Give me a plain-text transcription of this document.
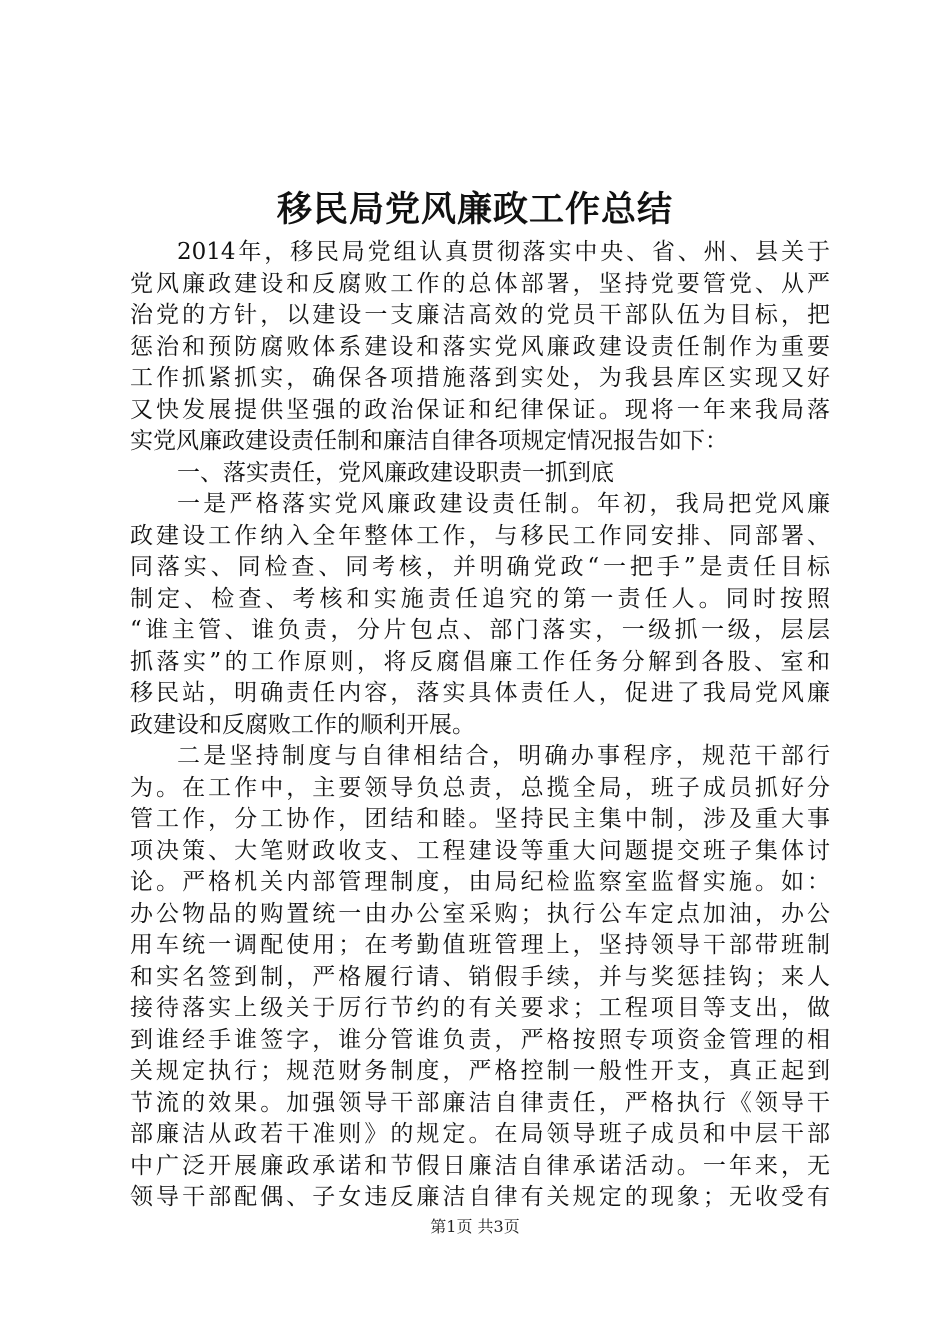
移民局党风廉政工作总结
2014年，移民局党组认真贯彻落实中央、省、州、县关于
党风廉政建设和反腐败工作的总体部署，坚持党要管党、从严
治党的方针，以建设一支廉洁高效的党员干部队伍为目标，把
惩治和预防腐败体系建设和落实党风廉政建设责任制作为重要
工作抓紧抓实，确保各项措施落到实处，为我县库区实现又好
又快发展提供坚强的政治保证和纪律保证。现将一年来我局落
实党风廉政建设责任制和廉洁自律各项规定情况报告如下：
一、落实责任，党风廉政建设职责一抓到底
一是严格落实党风廉政建设责任制。年初，我局把党风廉
政建设工作纳入全年整体工作，与移民工作同安排、同部署、
同落实、同检查、同考核，并明确党政“一把手”是责任目标
制定、检查、考核和实施责任追究的第一责任人。同时按照
“谁主管、谁负责，分片包点、部门落实，一级抓一级，层层
抓落实”的工作原则，将反腐倡廉工作任务分解到各股、室和
移民站，明确责任内容，落实具体责任人，促进了我局党风廉
政建设和反腐败工作的顺利开展。
二是坚持制度与自律相结合，明确办事程序，规范干部行
为。在工作中，主要领导负总责，总揽全局，班子成员抓好分
管工作，分工协作，团结和睦。坚持民主集中制，涉及重大事
项决策、大笔财政收支、工程建设等重大问题提交班子集体讨
论。严格机关内部管理制度，由局纪检监察室监督实施。如：
办公物品的购置统一由办公室采购；执行公车定点加油，办公
用车统一调配使用；在考勤值班管理上，坚持领导干部带班制
和实名签到制，严格履行请、销假手续，并与奖惩挂钩；来人
接待落实上级关于厉行节约的有关要求；工程项目等支出，做
到谁经手谁签字，谁分管谁负责，严格按照专项资金管理的相
关规定执行；规范财务制度，严格控制一般性开支，真正起到
节流的效果。加强领导干部廉洁自律责任，严格执行《领导干
部廉洁从政若干准则》的规定。在局领导班子成员和中层干部
中广泛开展廉政承诺和节假日廉洁自律承诺活动。一年来，无
领导干部配偶、子女违反廉洁自律有关规定的现象；无收受有
第1页 共3页
